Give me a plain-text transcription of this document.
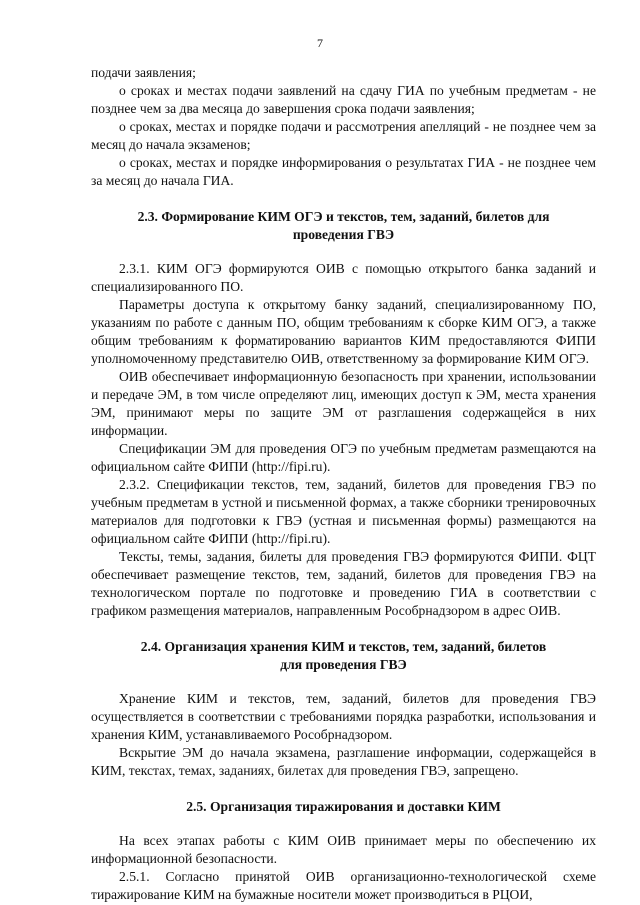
7

подачи заявления;

о сроках и местах подачи заявлений на сдачу ГИА по учебным предметам - не позднее чем за два месяца до завершения срока подачи заявления;

о сроках, местах и порядке подачи и рассмотрения апелляций - не позднее чем за месяц до начала экзаменов;

о сроках, местах и порядке информирования о результатах ГИА - не позднее чем за месяц до начала ГИА.

2.3. Формирование КИМ ОГЭ и текстов, тем, заданий, билетов для проведения ГВЭ

2.3.1. КИМ ОГЭ формируются ОИВ с помощью открытого банка заданий и специализированного ПО.

Параметры доступа к открытому банку заданий, специализированному ПО, указаниям по работе с данным ПО, общим требованиям к сборке КИМ ОГЭ, а также общим требованиям к форматированию вариантов КИМ предоставляются ФИПИ уполномоченному представителю ОИВ, ответственному за формирование КИМ ОГЭ.

ОИВ обеспечивает информационную безопасность при хранении, использовании и передаче ЭМ, в том числе определяют лиц, имеющих доступ к ЭМ, места хранения ЭМ, принимают меры по защите ЭМ от разглашения содержащейся в них информации.

Спецификации ЭМ для проведения ОГЭ по учебным предметам размещаются на официальном сайте ФИПИ (http://fipi.ru).

2.3.2. Спецификации текстов, тем, заданий, билетов для проведения ГВЭ по учебным предметам в устной и письменной формах, а также сборники тренировочных материалов для подготовки к ГВЭ (устная и письменная формы) размещаются на официальном сайте ФИПИ (http://fipi.ru).

Тексты, темы, задания, билеты для проведения ГВЭ формируются ФИПИ. ФЦТ обеспечивает размещение текстов, тем, заданий, билетов для проведения ГВЭ на технологическом портале по подготовке и проведению ГИА в соответствии с графиком размещения материалов, направленным Рособрнадзором в адрес ОИВ.

2.4. Организация хранения КИМ и текстов, тем, заданий, билетов для проведения ГВЭ

Хранение КИМ и текстов, тем, заданий, билетов для проведения ГВЭ осуществляется в соответствии с требованиями порядка разработки, использования и хранения КИМ, устанавливаемого Рособрнадзором.

Вскрытие ЭМ до начала экзамена, разглашение информации, содержащейся в КИМ, текстах, темах, заданиях, билетах для проведения ГВЭ, запрещено.

2.5. Организация тиражирования и доставки КИМ

На всех этапах работы с КИМ ОИВ принимает меры по обеспечению их информационной безопасности.

2.5.1. Согласно принятой ОИВ организационно-технологической схеме тиражирование КИМ на бумажные носители может производиться в РЦОИ,
